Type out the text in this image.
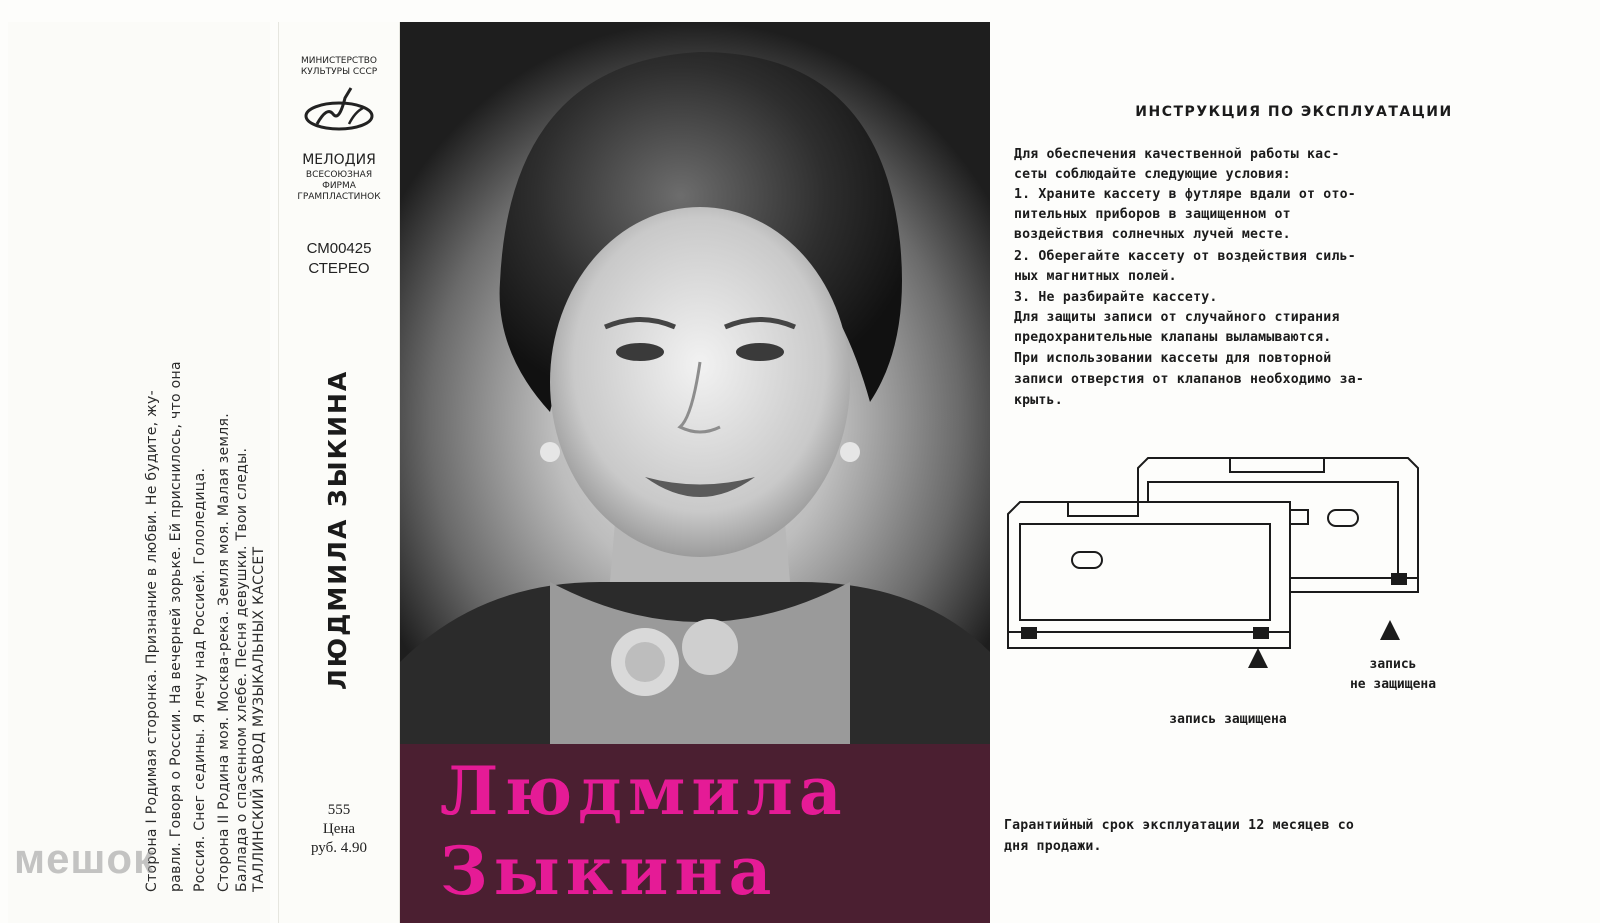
Сторона I Родимая сторонка. Признание в любви. Не будите, жу- равли. Говоря о России. На вечерней зорьке. Ей приснилось, что она Россия. Снег седины. Я лечу над Россией. Гололедица. Сторона II Родина моя. Москва-река. Земля моя. Малая земля. Баллада о спасенном хлебе. Песня девушки. Твои следы. ТАЛЛИНСКИЙ ЗАВОД МУЗЫКАЛЬНЫХ КАССЕТ
МИНИСТЕРСТВО
КУЛЬТУРЫ СССР
МЕЛОДИЯ
ВСЕСОЮЗНАЯ
ФИРМА
ГРАМПЛАСТИНОК
СМ00425
СТЕРЕО
ЛЮДМИЛА ЗЫКИНА
555
Цена
руб. 4.90
Людмила
Зыкина
ИНСТРУКЦИЯ ПО ЭКСПЛУАТАЦИИ
Для обеспечения качественной работы кас-
сеты соблюдайте следующие условия:
1. Храните кассету в футляре вдали от ото-
пительных приборов в защищенном от
воздействия солнечных лучей месте.
2. Оберегайте кассету от воздействия силь-
ных магнитных полей.
3. Не разбирайте кассету.
Для защиты записи от случайного стирания
предохранительные клапаны выламываются.
При использовании кассеты для повторной
записи отверстия от клапанов необходимо за-
крыть.
запись
не защищена
запись защищена
Гарантийный срок эксплуатации 12 месяцев со
дня продажи.
мешок
